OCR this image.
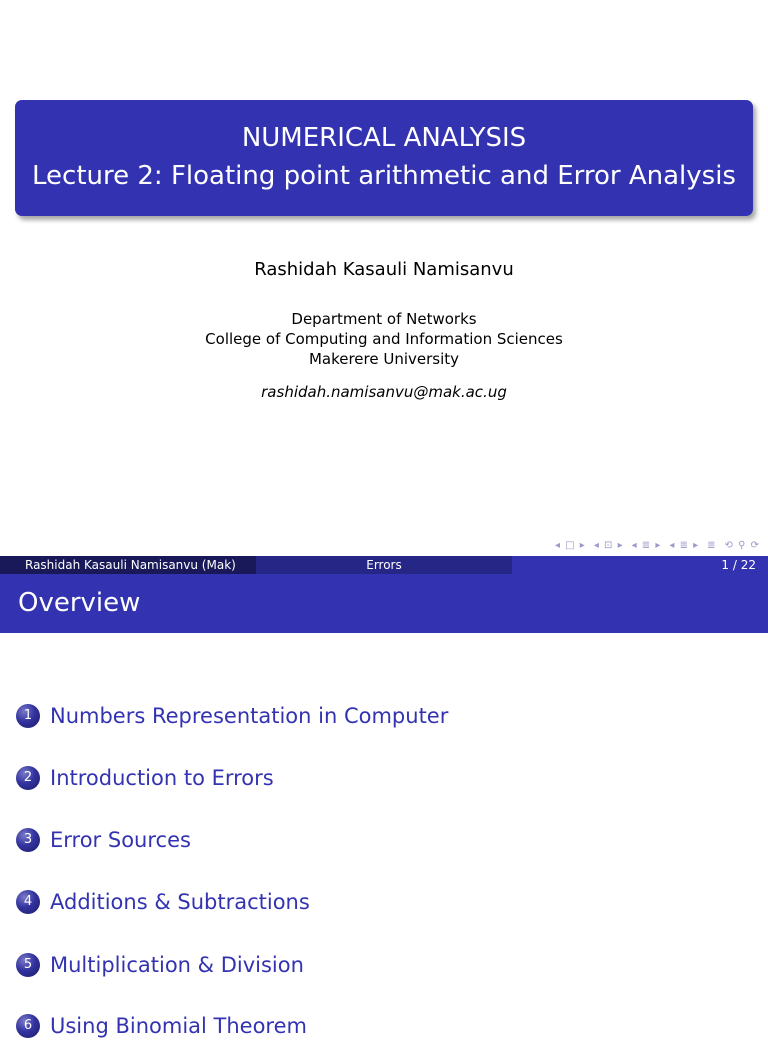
NUMERICAL ANALYSIS
Lecture 2: Floating point arithmetic and Error Analysis
Rashidah Kasauli Namisanvu
Department of Networks
College of Computing and Information Sciences
Makerere University
rashidah.namisanvu@mak.ac.ug
◂ □ ▸ ◂ ⊡ ▸ ◂ ≣ ▸ ◂ ≣ ▸ ≣ ⟲ ⚲ ⟳
Rashidah Kasauli Namisanvu (Mak)	Errors	1 / 22
Overview
1 Numbers Representation in Computer
2 Introduction to Errors
3 Error Sources
4 Additions & Subtractions
5 Multiplication & Division
6 Using Binomial Theorem
